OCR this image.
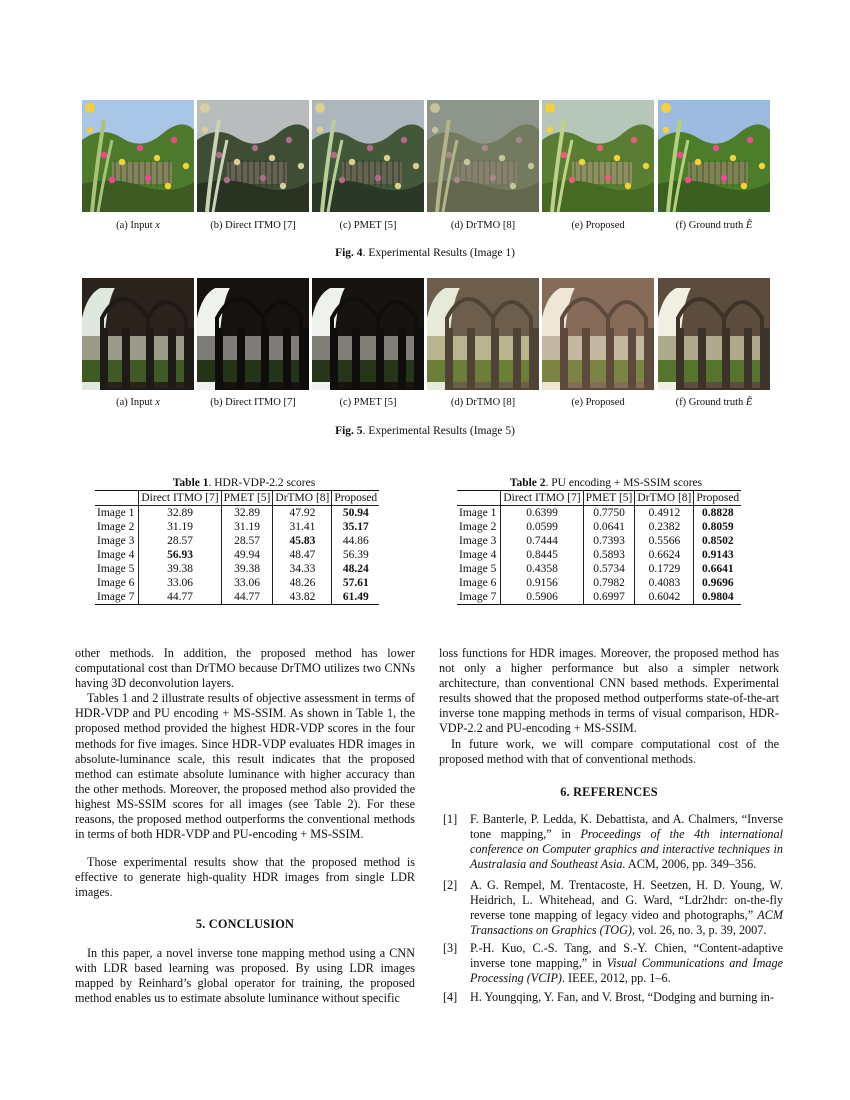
(a) Input x	(b) Direct ITMO [7]	(c) PMET [5]	(d) DrTMO [8]	(e) Proposed	(f) Ground truth Ẽ
Fig. 4. Experimental Results (Image 1)
(a) Input x	(b) Direct ITMO [7]	(c) PMET [5]	(d) DrTMO [8]	(e) Proposed	(f) Ground truth Ẽ
Fig. 5. Experimental Results (Image 5)
Table 1. HDR-VDP-2.2 scores
	Direct ITMO [7]	PMET [5]	DrTMO [8]	Proposed
Image 1	32.89	32.89	47.92	50.94
Image 2	31.19	31.19	31.41	35.17
Image 3	28.57	28.57	45.83	44.86
Image 4	56.93	49.94	48.47	56.39
Image 5	39.38	39.38	34.33	48.24
Image 6	33.06	33.06	48.26	57.61
Image 7	44.77	44.77	43.82	61.49
Table 2. PU encoding + MS-SSIM scores
	Direct ITMO [7]	PMET [5]	DrTMO [8]	Proposed
Image 1	0.6399	0.7750	0.4912	0.8828
Image 2	0.0599	0.0641	0.2382	0.8059
Image 3	0.7444	0.7393	0.5566	0.8502
Image 4	0.8445	0.5893	0.6624	0.9143
Image 5	0.4358	0.5734	0.1729	0.6641
Image 6	0.9156	0.7982	0.4083	0.9696
Image 7	0.5906	0.6997	0.6042	0.9804

other methods. In addition, the proposed method has lower computational cost than DrTMO because DrTMO utilizes two CNNs having 3D deconvolution layers.

Tables 1 and 2 illustrate results of objective assessment in terms of HDR-VDP and PU encoding + MS-SSIM. As shown in Table 1, the proposed method provided the highest HDR-VDP scores in the four methods for five images. Since HDR-VDP evaluates HDR images in absolute-luminance scale, this result indicates that the proposed method can estimate absolute luminance with higher accuracy than the other methods. Moreover, the proposed method also provided the highest MS-SSIM scores for all images (see Table 2). For these reasons, the proposed method outperforms the conventional methods in terms of both HDR-VDP and PU-encoding + MS-SSIM.

Those experimental results show that the proposed method is effective to generate high-quality HDR images from single LDR images.

5. CONCLUSION

In this paper, a novel inverse tone mapping method using a CNN with LDR based learning was proposed. By using LDR images mapped by Reinhard’s global operator for training, the proposed method enables us to estimate absolute luminance without specific

loss functions for HDR images. Moreover, the proposed method has not only a higher performance but also a simpler network architecture, than conventional CNN based methods. Experimental results showed that the proposed method outperforms state-of-the-art inverse tone mapping methods in terms of visual comparison, HDR-VDP-2.2 and PU-encoding + MS-SSIM.

In future work, we will compare computational cost of the proposed method with that of conventional methods.

6. REFERENCES
[1] F. Banterle, P. Ledda, K. Debattista, and A. Chalmers, “Inverse tone mapping,” in Proceedings of the 4th international conference on Computer graphics and interactive techniques in Australasia and Southeast Asia. ACM, 2006, pp. 349–356.
[2] A. G. Rempel, M. Trentacoste, H. Seetzen, H. D. Young, W. Heidrich, L. Whitehead, and G. Ward, “Ldr2hdr: on-the-fly reverse tone mapping of legacy video and photographs,” ACM Transactions on Graphics (TOG), vol. 26, no. 3, p. 39, 2007.
[3] P.-H. Kuo, C.-S. Tang, and S.-Y. Chien, “Content-adaptive inverse tone mapping,” in Visual Communications and Image Processing (VCIP). IEEE, 2012, pp. 1–6.
[4] H. Youngqing, Y. Fan, and V. Brost, “Dodging and burning in-
